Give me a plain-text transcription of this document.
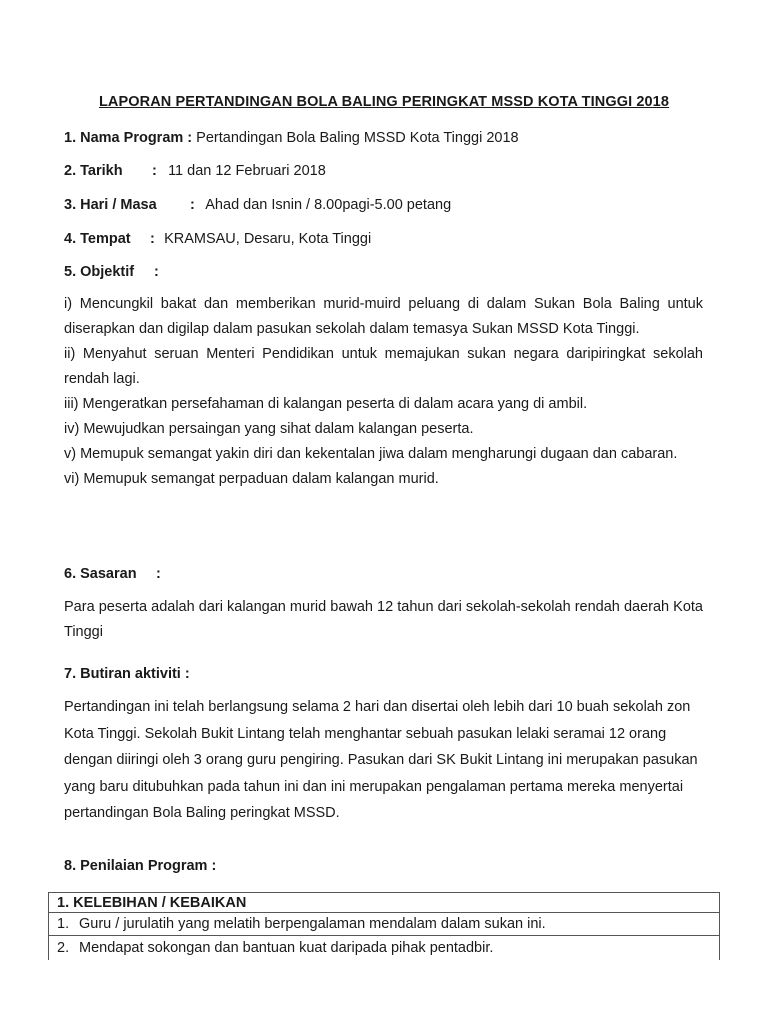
LAPORAN PERTANDINGAN BOLA BALING PERINGKAT MSSD KOTA TINGGI 2018
1. Nama Program : Pertandingan Bola Baling MSSD Kota Tinggi 2018
2. Tarikh : 11 dan 12 Februari 2018
3. Hari / Masa : Ahad dan Isnin / 8.00pagi-5.00 petang
4. Tempat : KRAMSAU, Desaru, Kota Tinggi
5. Objektif :

i) Mencungkil bakat dan memberikan murid-muird peluang di dalam Sukan Bola Baling untuk diserapkan dan digilap dalam pasukan sekolah dalam temasya Sukan MSSD Kota Tinggi.

ii) Menyahut seruan Menteri Pendidikan untuk memajukan sukan negara daripiringkat sekolah rendah lagi.

iii) Mengeratkan persefahaman di kalangan peserta di dalam acara yang di ambil.

iv) Mewujudkan persaingan yang sihat dalam kalangan peserta.

v) Memupuk semangat yakin diri dan kekentalan jiwa dalam mengharungi dugaan dan cabaran.

vi) Memupuk semangat perpaduan dalam kalangan murid.

6. Sasaran :
Para peserta adalah dari kalangan murid bawah 12 tahun dari sekolah-sekolah rendah daerah Kota Tinggi
7. Butiran aktiviti :
Pertandingan ini telah berlangsung selama 2 hari dan disertai oleh lebih dari 10 buah sekolah zon Kota Tinggi. Sekolah Bukit Lintang telah menghantar sebuah pasukan lelaki seramai 12 orang dengan diiringi oleh 3 orang guru pengiring. Pasukan dari SK Bukit Lintang ini merupakan pasukan yang baru ditubuhkan pada tahun ini dan ini merupakan pengalaman pertama mereka menyertai pertandingan Bola Baling peringkat MSSD.
8. Penilaian Program :
1. KELEBIHAN / KEBAIKAN
1. Guru / jurulatih yang melatih berpengalaman mendalam dalam sukan ini.
2. Mendapat sokongan dan bantuan kuat daripada pihak pentadbir.
